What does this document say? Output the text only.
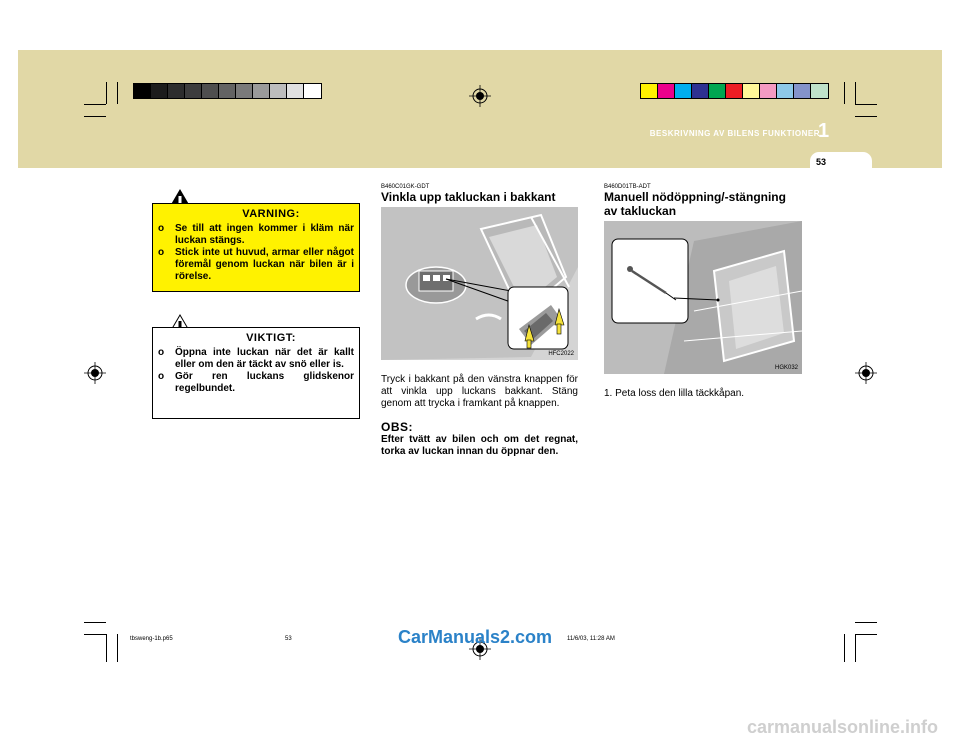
BESKRIVNING AV BILENS FUNKTIONER
1
53
VARNING:
o Se till att ingen kommer i kläm när luckan stängs.
o Stick inte ut huvud, armar eller något föremål genom luckan när bilen är i rörelse.
VIKTIGT:
o Öppna inte luckan när det är kallt eller om den är täckt av snö eller is.
o Gör ren luckans glidskenor regelbundet.
B460C01GK-GDT
Vinkla upp takluckan i bakkant
HFC2022
Tryck i bakkant på den vänstra knappen för att vinkla upp luckans bakkant. Stäng genom att trycka i framkant på knappen.
OBS:
Efter tvätt av bilen och om det regnat, torka av luckan innan du öppnar den.
B460D01TB-ADT
Manuell nödöppning/-stängning av takluckan
HGK032
1. Peta loss den lilla täckkåpan.
tbsweng-1b.p65	53	11/6/03, 11:28 AM
CarManuals2.com
carmanualsonline.info
